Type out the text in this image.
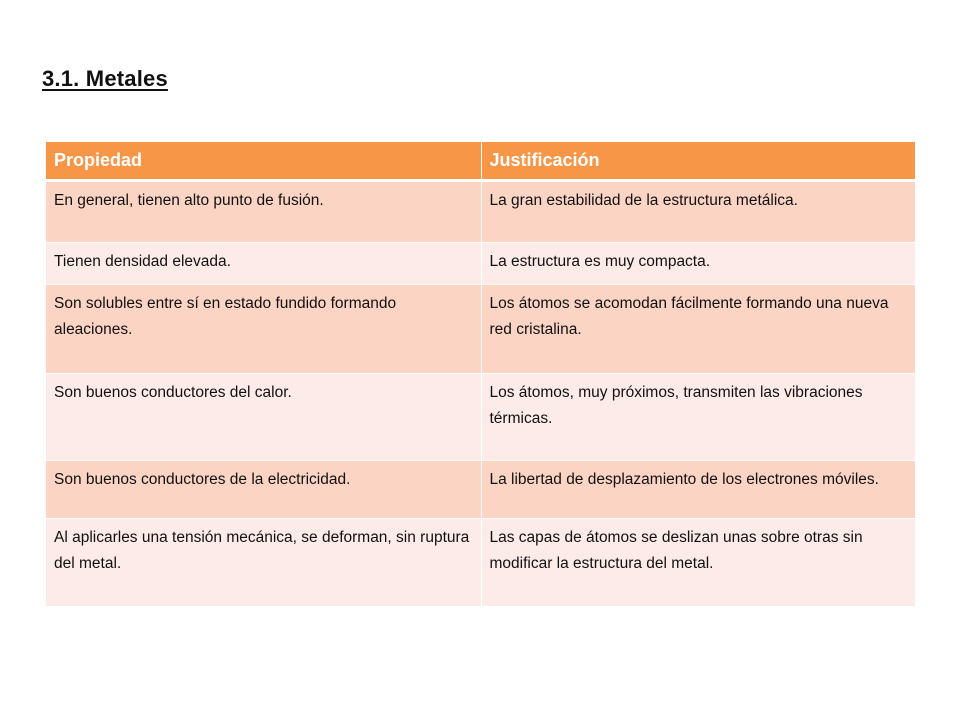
3.1. Metales
Propiedad	Justificación
En general, tienen alto punto de fusión.	La gran estabilidad de la estructura metálica.
Tienen densidad elevada.	La estructura es muy compacta.
Son solubles entre sí en estado fundido formando aleaciones.	Los átomos se acomodan fácilmente formando una nueva red cristalina.
Son buenos conductores del calor.	Los átomos, muy próximos, transmiten las vibraciones térmicas.
Son buenos conductores de la electricidad.	La libertad de desplazamiento de los electrones móviles.
Al aplicarles una tensión mecánica, se deforman, sin ruptura del metal.	Las capas de átomos se deslizan unas sobre otras sin modificar la estructura del metal.
